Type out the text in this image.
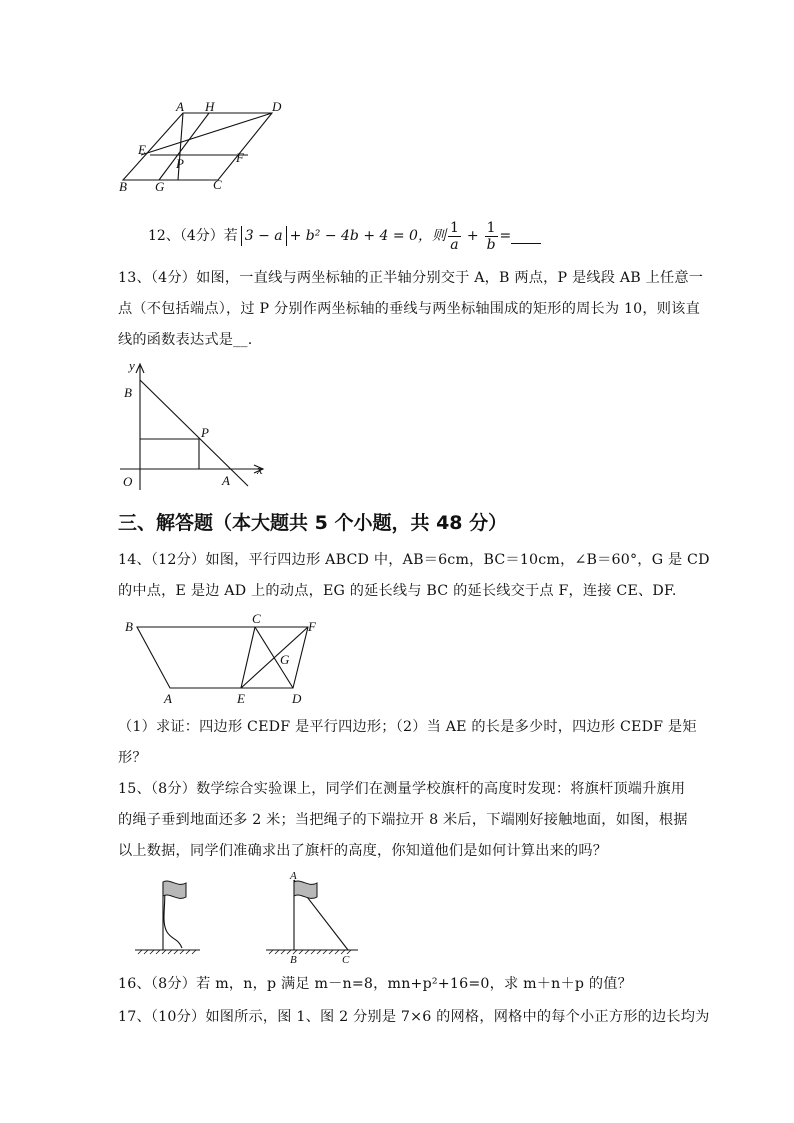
A H	D
E
P	F
B G	C
12、（4分）若 3 − a + b² − 4b + 4 = 0，则 $\frac{1}{a} + \frac{1}{b}$ =
13、（4分）如图，一直线与两坐标轴的正半轴分别交于 A，B 两点，P 是线段 AB 上任意一
点（不包括端点），过 P 分别作两坐标轴的垂线与两坐标轴围成的矩形的周长为 10，则该直
线的函数表达式是__.
y
x
O
B
P
A
三、解答题（本大题共 5 个小题，共 48 分）
14、（12分）如图，平行四边形 ABCD 中，AB＝6cm，BC＝10cm，∠B＝60°，G 是 CD
的中点，E 是边 AD 上的动点，EG 的延长线与 BC 的延长线交于点 F，连接 CE、DF.
B
C
F
G
A	E	D
（1）求证：四边形 CEDF 是平行四边形；（2）当 AE 的长是多少时，四边形 CEDF 是矩
形？
15、（8分）数学综合实验课上，同学们在测量学校旗杆的高度时发现：将旗杆顶端升旗用
的绳子垂到地面还多 2 米；当把绳子的下端拉开 8 米后，下端刚好接触地面，如图，根据
以上数据，同学们准确求出了旗杆的高度，你知道他们是如何计算出来的吗？
A
B	C
16、（8分）若 m，n，p 满足 m－n=8，mn+p²+16=0，求 m＋n＋p 的值？
17、（10分）如图所示，图 1、图 2 分别是 7×6 的网格，网格中的每个小正方形的边长均为
